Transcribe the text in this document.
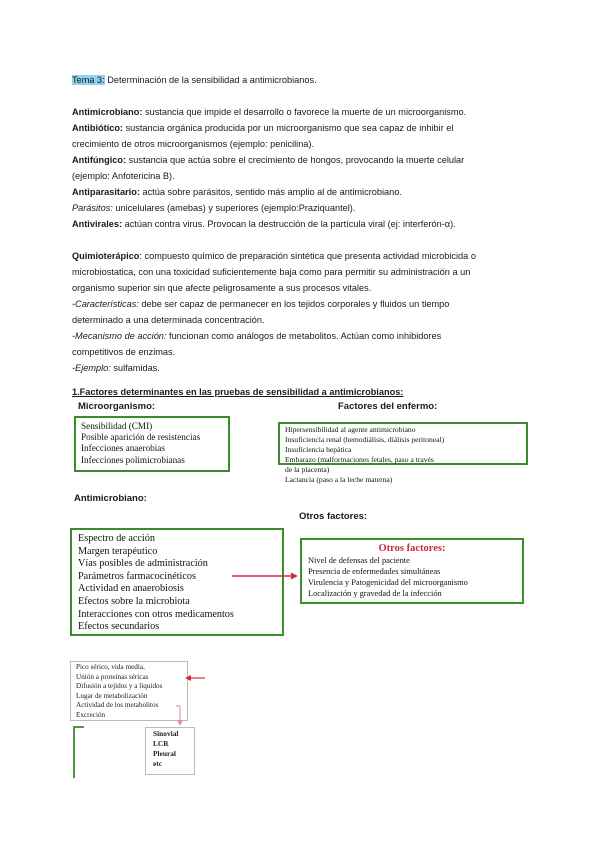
Tema 3: Determinación de la sensibilidad a antimicrobianos.
Antimicrobiano: sustancia que impide el desarrollo o favorece la muerte de un microorganismo.
Antibiótico: sustancia orgánica producida por un microorganismo que sea capaz de inhibir el
crecimiento de otros microorganismos (ejemplo: penicilina).
Antifúngico: sustancia que actúa sobre el crecimiento de hongos, provocando la muerte celular
(ejemplo: Anfotericina B).
Antiparasitario: actúa sobre parásitos, sentido más amplio al de antimicrobiano.
Parásitos: unicelulares (amebas) y superiores (ejemplo:Praziquantel).
Antivirales: actúan contra virus. Provocan la destrucción de la partícula viral (ej: interferón-α).
Quimioterápico: compuesto químico de preparación sintética que presenta actividad microbicida o
microbiostatica, con una toxicidad suficientemente baja como para permitir su administración a un
organismo superior sin que afecte peligrosamente a sus procesos vitales.
-Características: debe ser capaz de permanecer en los tejidos corporales y fluidos un tiempo
determinado a una determinada concentración.
-Mecanismo de acción: funcionan como análogos de metabolitos. Actúan como inhibidores
competitivos de enzimas.
-Ejemplo: sulfamidas.
1.Factores determinantes en las pruebas de sensibilidad a antimicrobianos:
Microorganismo:
Sensibilidad (CMI)
Posible aparición de resistencias
Infecciones anaerobias
Infecciones polimicrobianas
Factores del enfermo:
Hipersensibilidad al agente antimicrobiano
Insuficiencia renal (hemodiálisis, diálisis peritoneal)
Insuficiencia hepática
Embarazo (malformaciones fetales, paso a través
de la placenta)
Lactancia (paso a la leche materna)
Antimicrobiano:
Espectro de acción
Margen terapéutico
Vías posibles de administración
Parámetros farmacocinéticos
Actividad en anaerobiosis
Efectos sobre la microbiota
Interacciones con otros medicamentos
Efectos secundarios
Otros factores:
Otros factores:
Nivel de defensas del paciente
Presencia de enfermedades simultáneas
Virulencia y Patogenicidad del microorganismo
Localización y gravedad de la infección
Pico sérico, vida media,
Unión a proteínas séricas
Difusión a tejidos y a líquidos
Lugar de metabolización
Actividad de los metabolitos
Excreción
Sinovial
LCR
Pleural
etc
